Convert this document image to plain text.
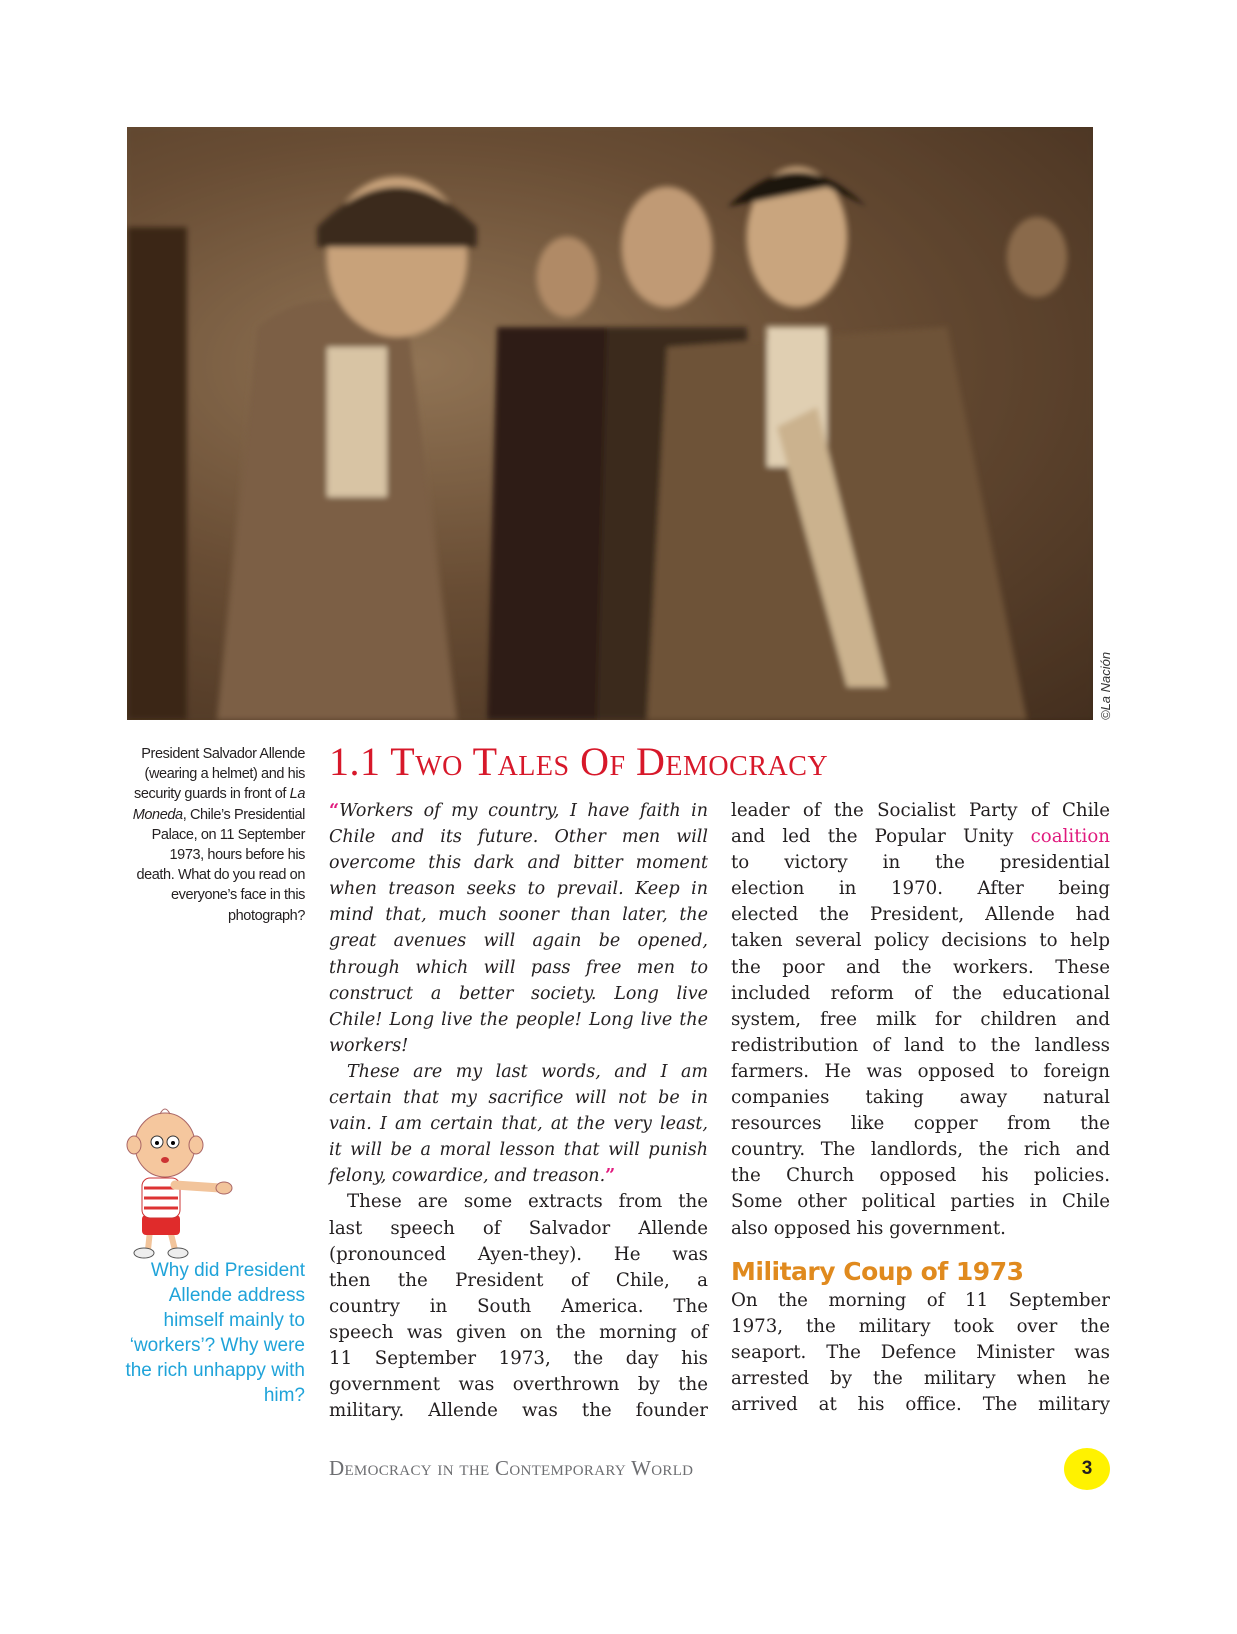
©La Nación
President Salvador Allende (wearing a helmet) and his security guards in front of La Moneda, Chile’s Presidential Palace, on 11 September 1973, hours before his death. What do you read on everyone’s face in this photograph?
1.1 Two Tales Of Democracy
“Workers of my country, I have faith in
Chile and its future. Other men will
overcome this dark and bitter moment
when treason seeks to prevail. Keep in
mind that, much sooner than later, the
great avenues will again be opened,
through which will pass free men to
construct a better society. Long live
Chile! Long live the people! Long live the
workers!
These are my last words, and I am
certain that my sacrifice will not be in
vain. I am certain that, at the very least,
it will be a moral lesson that will punish
felony, cowardice, and treason.”
These are some extracts from the
last speech of Salvador Allende
(pronounced Ayen-they). He was
then the President of Chile, a
country in South America. The
speech was given on the morning of
11 September 1973, the day his
government was overthrown by the
military. Allende was the founder
leader of the Socialist Party of Chile
and led the Popular Unity coalition
to victory in the presidential
election in 1970. After being
elected the President, Allende had
taken several policy decisions to help
the poor and the workers. These
included reform of the educational
system, free milk for children and
redistribution of land to the landless
farmers. He was opposed to foreign
companies taking away natural
resources like copper from the
country. The landlords, the rich and
the Church opposed his policies.
Some other political parties in Chile
also opposed his government.
Military Coup of 1973
On the morning of 11 September
1973, the military took over the
seaport. The Defence Minister was
arrested by the military when he
arrived at his office. The military
Why did President Allende address himself mainly to ‘workers’? Why were the rich unhappy with him?
Democracy in the Contemporary World	3
